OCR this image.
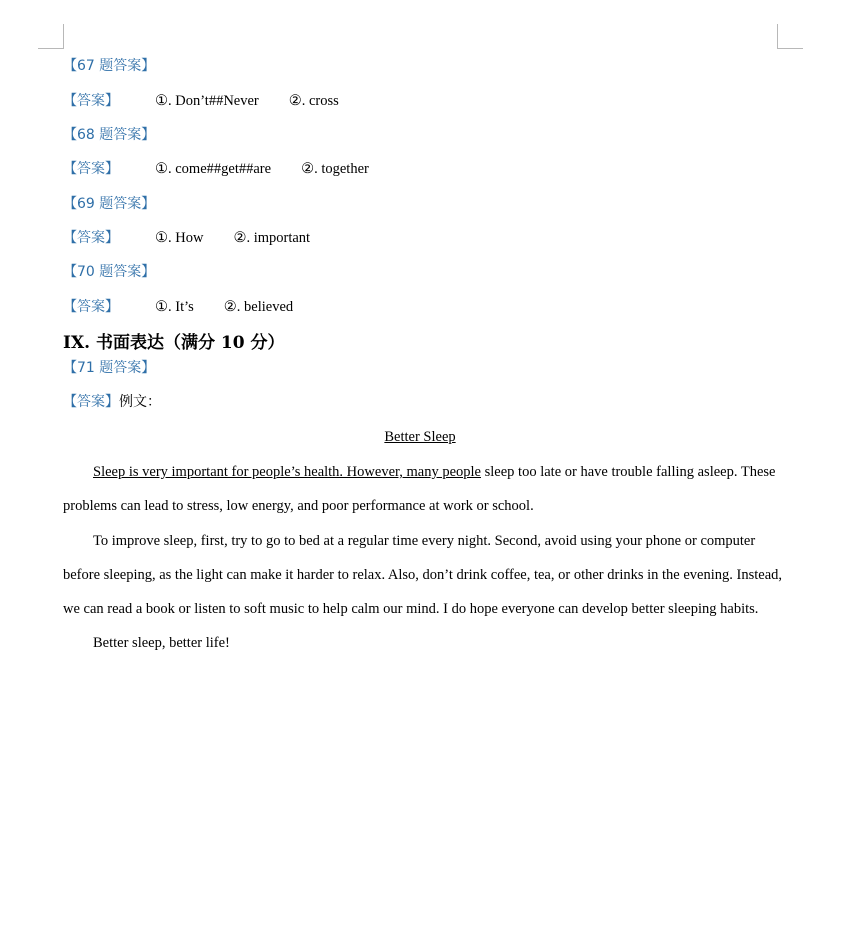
【67 题答案】
【答案】 ①. Don’t##Never ②. cross
【68 题答案】
【答案】 ①. come##get##are ②. together
【69 题答案】
【答案】 ①. How ②. important
【70 题答案】
【答案】 ①. It’s ②. believed
IX. 书面表达（满分 10 分）
【71 题答案】
【答案】例文：
Better Sleep

Sleep is very important for people’s health. However, many people sleep too late or have trouble falling asleep. These problems can lead to stress, low energy, and poor performance at work or school.

To improve sleep, first, try to go to bed at a regular time every night. Second, avoid using your phone or computer before sleeping, as the light can make it harder to relax. Also, don’t drink coffee, tea, or other drinks in the evening. Instead, we can read a book or listen to soft music to help calm our mind. I do hope everyone can develop better sleeping habits.

Better sleep, better life!
